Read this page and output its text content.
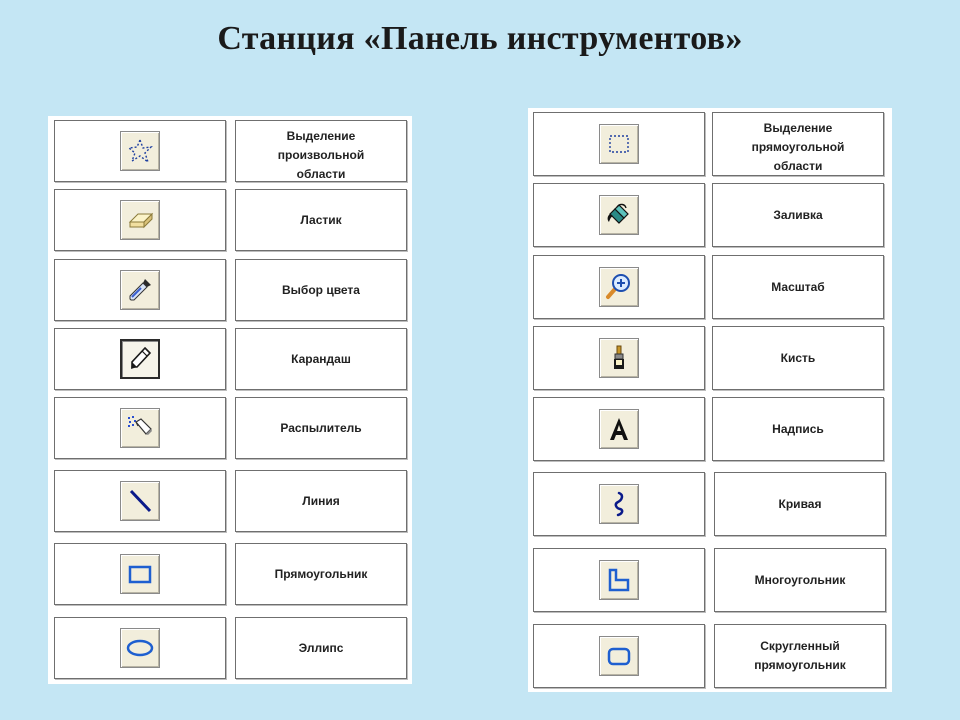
Станция «Панель инструментов»
Выделение
произвольной
области
Ластик
Выбор цвета
Карандаш
Распылитель
Линия
Прямоугольник
Эллипс
Выделение
прямоугольной
области
Заливка
Масштаб
Кисть
Надпись
Кривая
Многоугольник
Скругленный
прямоугольник
